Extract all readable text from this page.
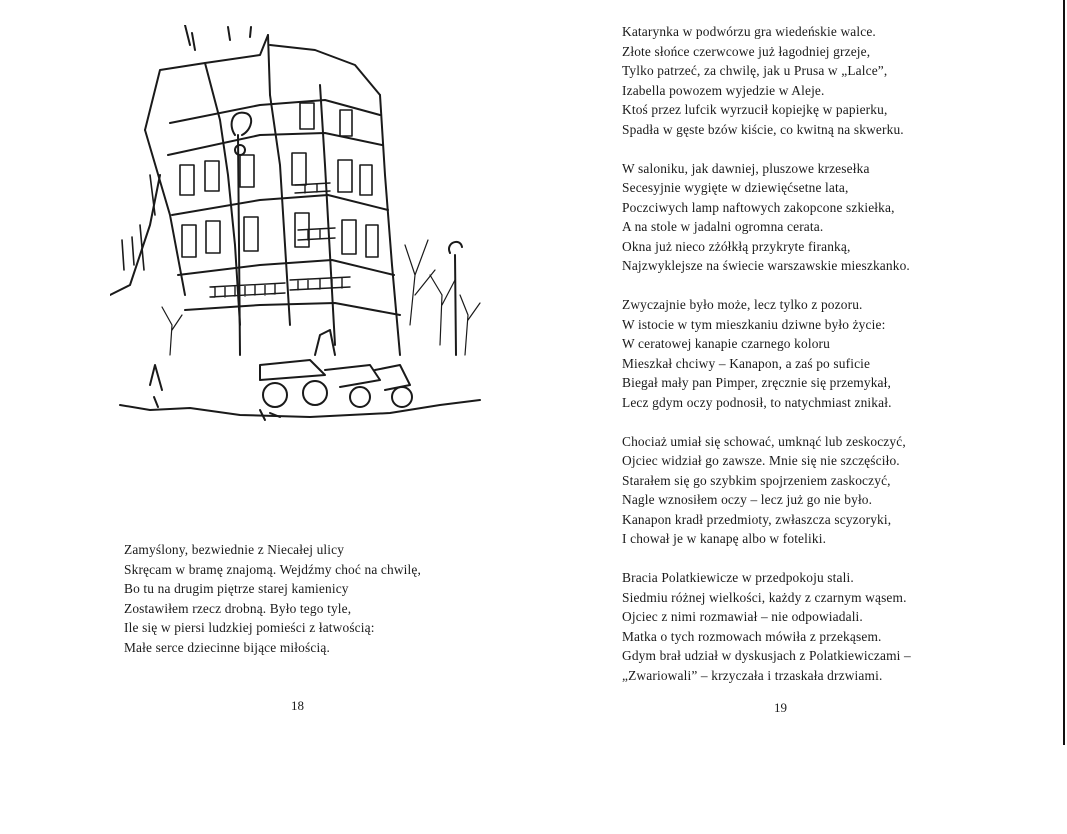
Zamyślony, bezwiednie z Niecałej ulicy
Skręcam w bramę znajomą. Wejdźmy choć na chwilę,
Bo tu na drugim piętrze starej kamienicy
Zostawiłem rzecz drobną. Było tego tyle,
Ile się w piersi ludzkiej pomieści z łatwością:
Małe serce dziecinne bijące miłością.
18
Katarynka w podwórzu gra wiedeńskie walce.
Złote słońce czerwcowe już łagodniej grzeje,
Tylko patrzeć, za chwilę, jak u Prusa w „Lalce”,
Izabella powozem wyjedzie w Aleje.
Ktoś przez lufcik wyrzucił kopiejkę w papierku,
Spadła w gęste bzów kiście, co kwitną na skwerku.
W saloniku, jak dawniej, pluszowe krzesełka
Secesyjnie wygięte w dziewięćsetne lata,
Poczciwych lamp naftowych zakopcone szkiełka,
A na stole w jadalni ogromna cerata.
Okna już nieco zżółkłą przykryte firanką,
Najzwyklejsze na świecie warszawskie mieszkanko.
Zwyczajnie było może, lecz tylko z pozoru.
W istocie w tym mieszkaniu dziwne było życie:
W ceratowej kanapie czarnego koloru
Mieszkał chciwy – Kanapon, a zaś po suficie
Biegał mały pan Pimper, zręcznie się przemykał,
Lecz gdym oczy podnosił, to natychmiast znikał.
Chociaż umiał się schować, umknąć lub zeskoczyć,
Ojciec widział go zawsze. Mnie się nie szczęściło.
Starałem się go szybkim spojrzeniem zaskoczyć,
Nagle wznosiłem oczy – lecz już go nie było.
Kanapon kradł przedmioty, zwłaszcza scyzoryki,
I chował je w kanapę albo w foteliki.
Bracia Polatkiewicze w przedpokoju stali.
Siedmiu różnej wielkości, każdy z czarnym wąsem.
Ojciec z nimi rozmawiał – nie odpowiadali.
Matka o tych rozmowach mówiła z przekąsem.
Gdym brał udział w dyskusjach z Polatkiewiczami –
„Zwariowali” – krzyczała i trzaskała drzwiami.
19
